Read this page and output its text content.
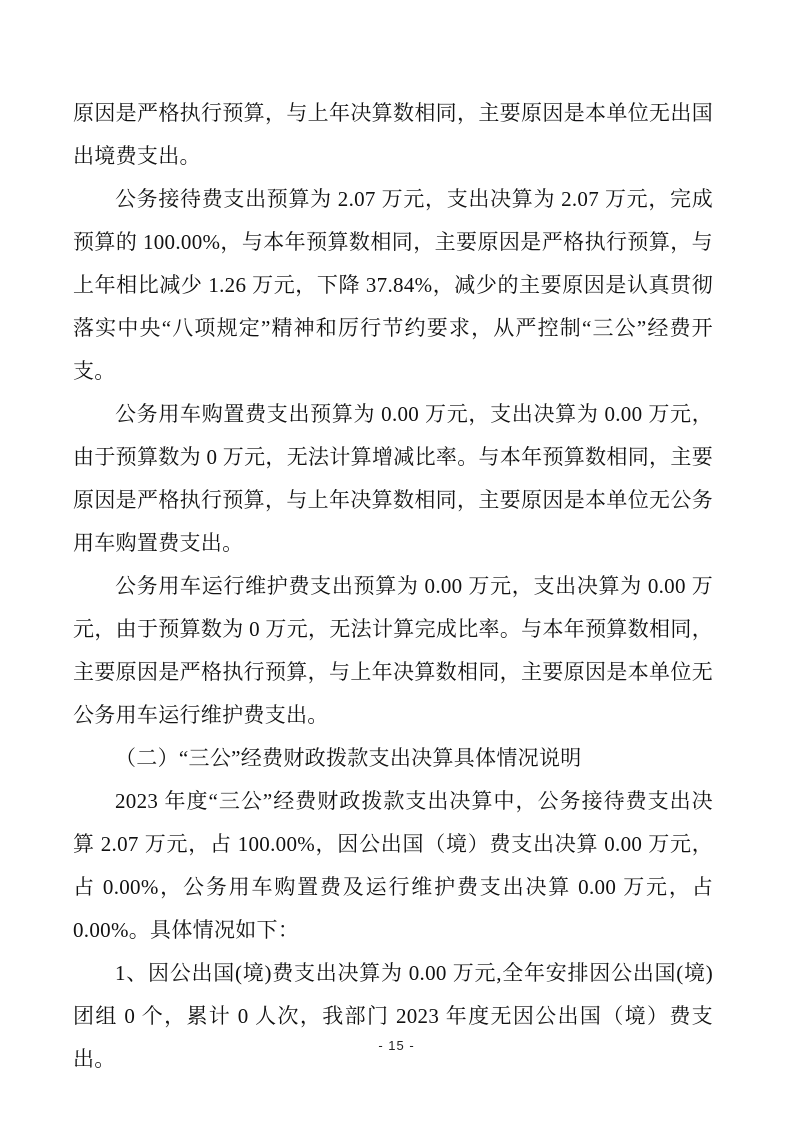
原因是严格执行预算，与上年决算数相同，主要原因是本单位无出国出境费支出。

公务接待费支出预算为 2.07 万元，支出决算为 2.07 万元，完成预算的 100.00%，与本年预算数相同，主要原因是严格执行预算，与上年相比减少 1.26 万元，下降 37.84%，减少的主要原因是认真贯彻落实中央“八项规定”精神和厉行节约要求，从严控制“三公”经费开支。

公务用车购置费支出预算为 0.00 万元，支出决算为 0.00 万元，由于预算数为 0 万元，无法计算增减比率。与本年预算数相同，主要原因是严格执行预算，与上年决算数相同，主要原因是本单位无公务用车购置费支出。

公务用车运行维护费支出预算为 0.00 万元，支出决算为 0.00 万元，由于预算数为 0 万元，无法计算完成比率。与本年预算数相同，主要原因是严格执行预算，与上年决算数相同，主要原因是本单位无公务用车运行维护费支出。

（二）“三公”经费财政拨款支出决算具体情况说明

2023 年度“三公”经费财政拨款支出决算中，公务接待费支出决算 2.07 万元，占 100.00%，因公出国（境）费支出决算 0.00 万元，占 0.00%，公务用车购置费及运行维护费支出决算 0.00 万元，占 0.00%。具体情况如下：

1、因公出国(境)费支出决算为 0.00 万元,全年安排因公出国(境)团组 0 个，累计 0 人次，我部门 2023 年度无因公出国（境）费支出。

- 15 -
